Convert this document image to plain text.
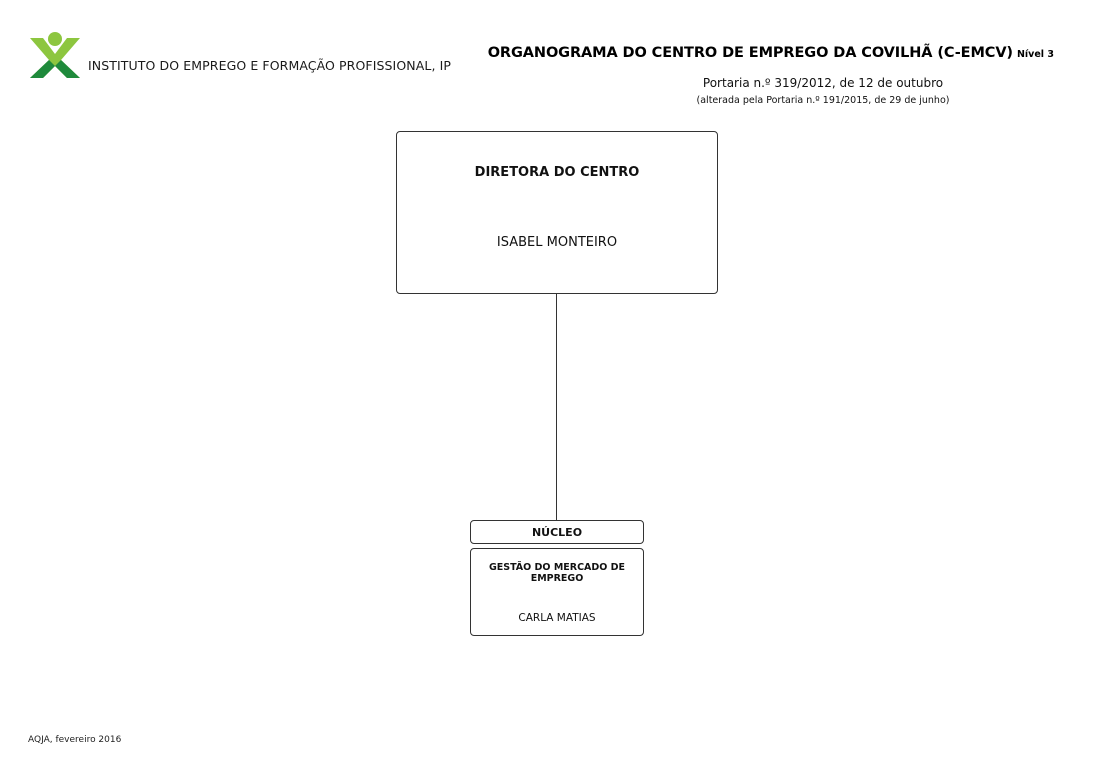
INSTITUTO DO EMPREGO E FORMAÇÃO PROFISSIONAL, IP
ORGANOGRAMA DO CENTRO DE EMPREGO DA COVILHÃ (C-EMCV) Nível 3
Portaria n.º 319/2012, de 12 de outubro
(alterada pela Portaria n.º 191/2015, de 29 de junho)
DIRETORA DO CENTRO
ISABEL MONTEIRO
NÚCLEO
GESTÃO DO MERCADO DE EMPREGO
CARLA MATIAS
AQJA, fevereiro 2016
